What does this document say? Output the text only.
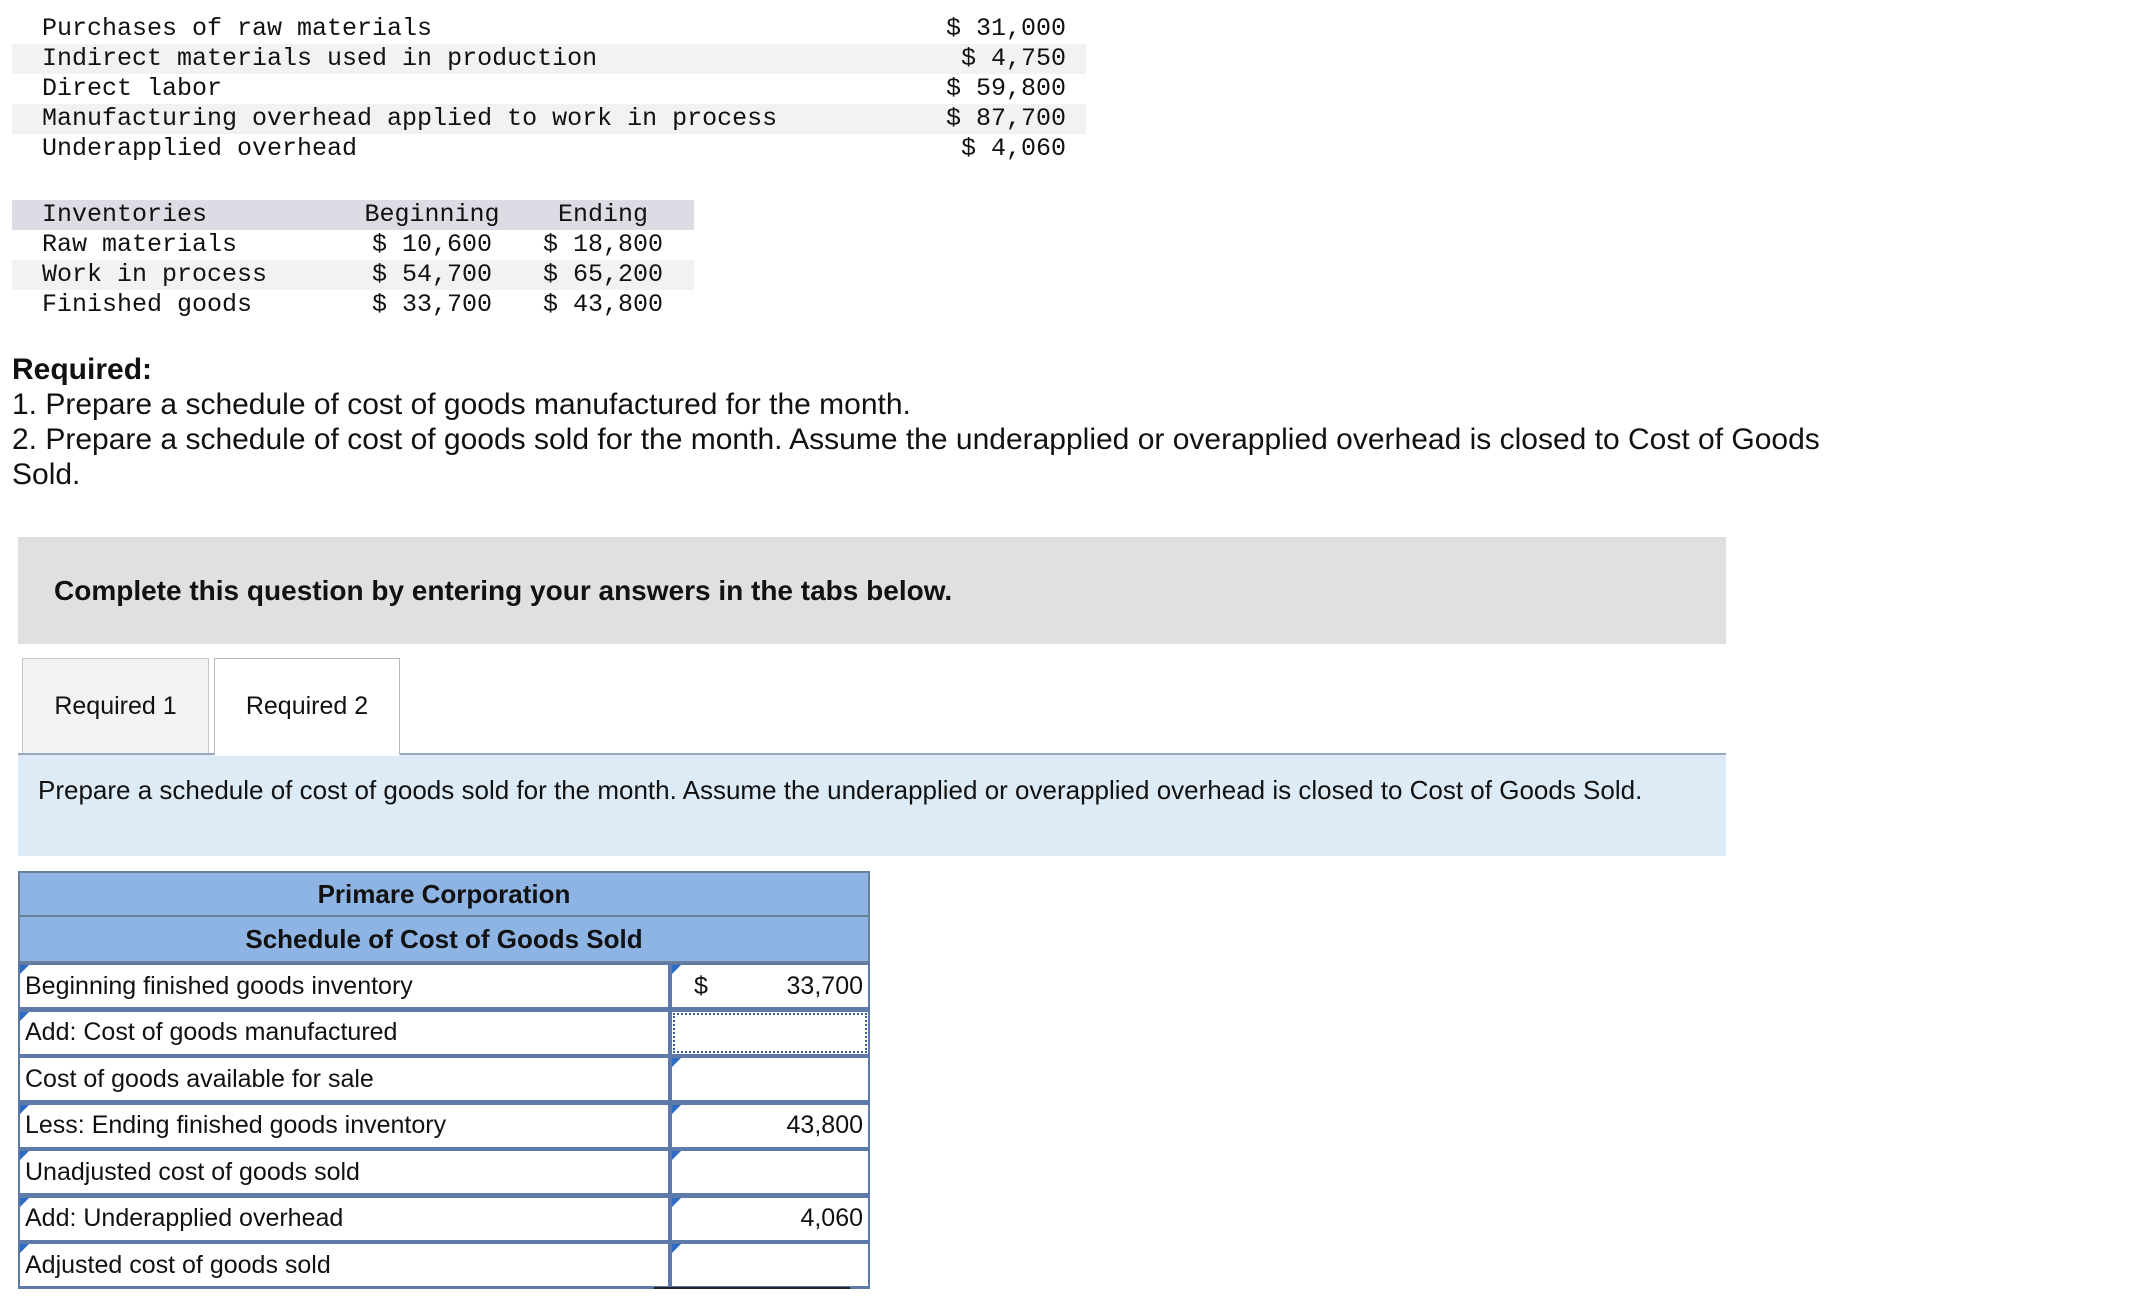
Purchases of raw materials	$ 31,000
Indirect materials used in production	$ 4,750
Direct labor	$ 59,800
Manufacturing overhead applied to work in process	$ 87,700
Underapplied overhead	$ 4,060
Inventories	Beginning	Ending
Raw materials	$ 10,600	$ 18,800
Work in process	$ 54,700	$ 65,200
Finished goods	$ 33,700	$ 43,800
Required:
1. Prepare a schedule of cost of goods manufactured for the month.
2. Prepare a schedule of cost of goods sold for the month. Assume the underapplied or overapplied overhead is closed to Cost of Goods Sold.
Complete this question by entering your answers in the tabs below.
Required 1	Required 2
Prepare a schedule of cost of goods sold for the month. Assume the underapplied or overapplied overhead is closed to Cost of Goods Sold.
Primare Corporation
Schedule of Cost of Goods Sold
Beginning finished goods inventory	$	33,700
Add: Cost of goods manufactured
Cost of goods available for sale
Less: Ending finished goods inventory	43,800
Unadjusted cost of goods sold
Add: Underapplied overhead	4,060
Adjusted cost of goods sold
